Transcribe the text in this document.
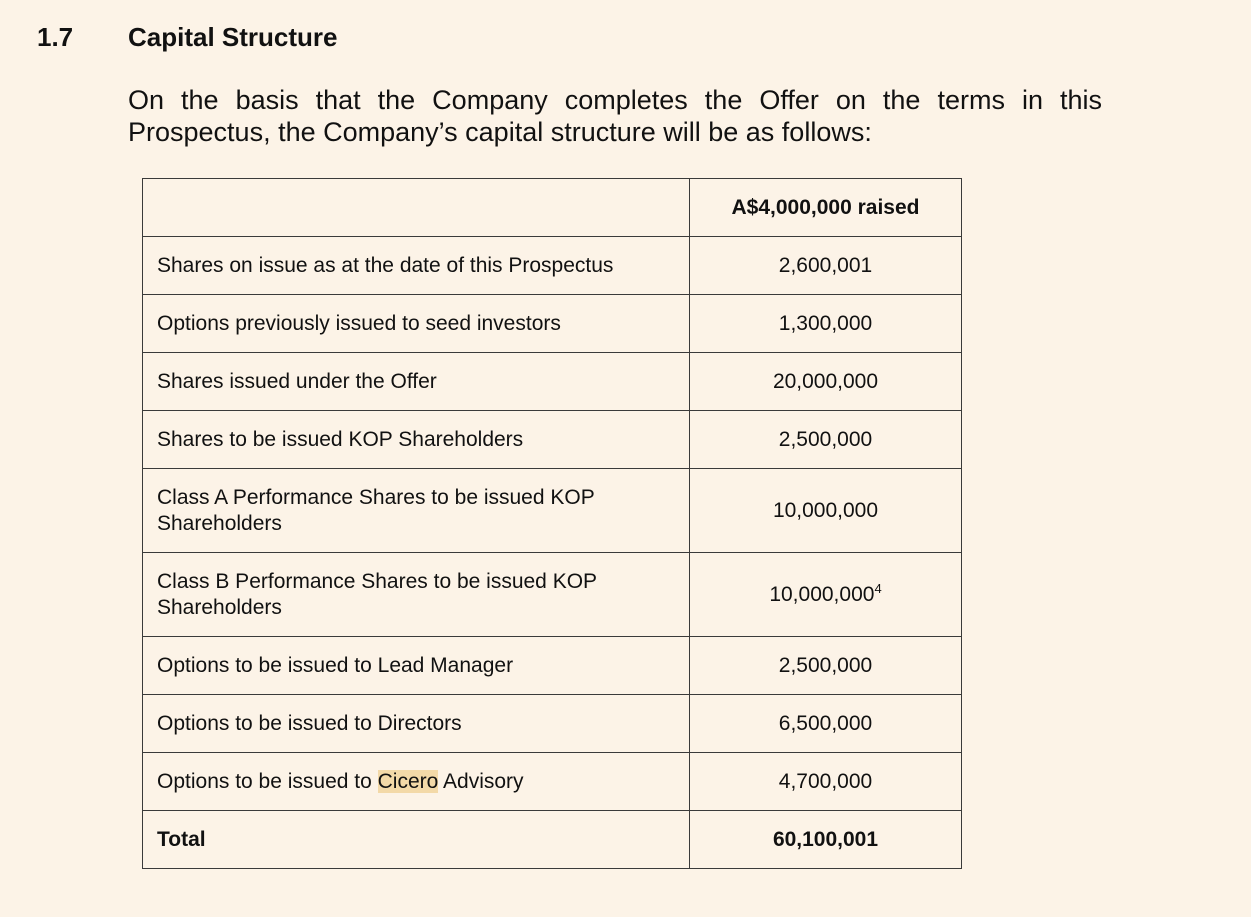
1.7 Capital Structure

On the basis that the Company completes the Offer on the terms in this Prospectus, the Company’s capital structure will be as follows:

	A$4,000,000 raised
Shares on issue as at the date of this Prospectus	2,600,001
Options previously issued to seed investors	1,300,000
Shares issued under the Offer	20,000,000
Shares to be issued KOP Shareholders	2,500,000
Class A Performance Shares to be issued KOP Shareholders	10,000,000
Class B Performance Shares to be issued KOP Shareholders	10,000,000$^4$
Options to be issued to Lead Manager	2,500,000
Options to be issued to Directors	6,500,000
Options to be issued to Cicero Advisory	4,700,000
Total	60,100,001
